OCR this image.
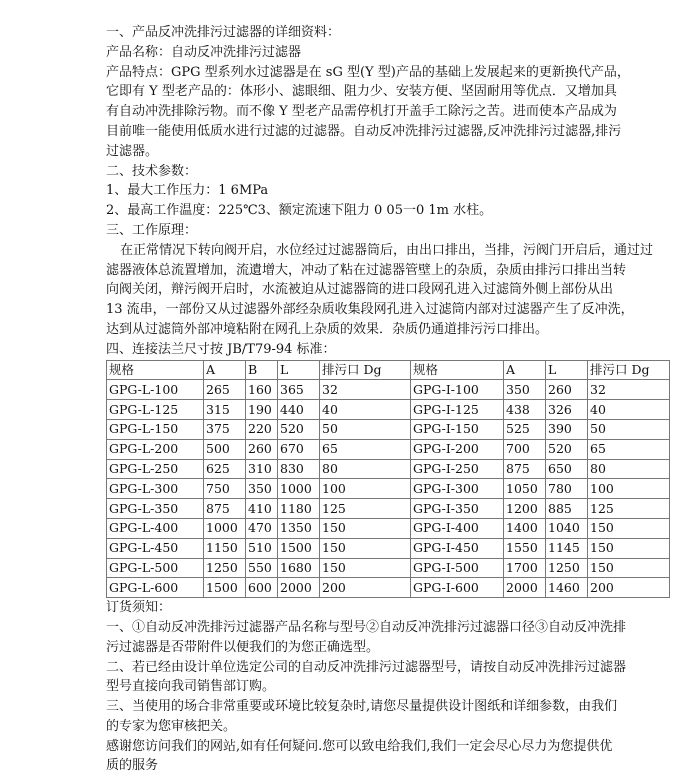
一、产品反冲洗排污过滤器的详细资料：
产品名称：自动反冲洗排污过滤器
产品特点：GPG 型系列水过滤器是在 sG 型(Y 型)产品的基础上发展起来的更新换代产品，
它即有 Y 型老产品的：体形小、滤眼细、阻力少、安装方便、坚固耐用等优点．又增加具
有自动冲洗排除污物。而不像 Y 型老产品需停机打开盖手工除污之苦。进而使本产品成为
目前唯一能使用低质水进行过滤的过滤器。自动反冲洗排污过滤器,反冲洗排污过滤器,排污
过滤器。
二、技术参数：
1、最大工作压力：1 6MPa
2、最高工作温度：225℃3、额定流速下阻力 0 05一0 1m 水柱。
三、工作原理：
在正常情况下转向阀开启，水位经过过滤器筒后，由出口排出，当排，污阀门开启后，通过过
滤器液体总流置增加，流遺增大，冲动了粘在过滤器管壁上的杂质，杂质由排污口排出当转
向阀关闭，辩污阀开启时，水流被迫从过滤器筒的进口段网孔进入过滤筒外侧上部份从出
13 流串，一部份又从过滤器外部经杂质收集段网孔进入过滤筒内部对过滤器产生了反冲洗，
达到从过滤筒外部冲境粘附在网孔上杂质的效果．杂质仍通道排污污口排出。
四、连接法兰尺寸按 JB/T79-94 标准：
规格	A	B	L	排污口 Dg	规格	A	L	排污口 Dg
GPG-L-100	265	160	365	32	GPG-I-100	350	260	32
GPG-L-125	315	190	440	40	GPG-I-125	438	326	40
GPG-L-150	375	220	520	50	GPG-I-150	525	390	50
GPG-L-200	500	260	670	65	GPG-I-200	700	520	65
GPG-L-250	625	310	830	80	GPG-I-250	875	650	80
GPG-L-300	750	350	1000	100	GPG-I-300	1050	780	100
GPG-L-350	875	410	1180	125	GPG-I-350	1200	885	125
GPG-L-400	1000	470	1350	150	GPG-I-400	1400	1040	150
GPG-L-450	1150	510	1500	150	GPG-I-450	1550	1145	150
GPG-L-500	1250	550	1680	150	GPG-I-500	1700	1250	150
GPG-L-600	1500	600	2000	200	GPG-I-600	2000	1460	200
订货须知：
一、①自动反冲洗排污过滤器产品名称与型号②自动反冲洗排污过滤器口径③自动反冲洗排
污过滤器是否带附件以便我们的为您正确选型。
二、若已经由设计单位选定公司的自动反冲洗排污过滤器型号，请按自动反冲洗排污过滤器
型号直接向我司销售部订购。
三、当使用的场合非常重要或环境比较复杂时,请您尽量提供设计图纸和详细参数，由我们
的专家为您审核把关。
感谢您访问我们的网站,如有任何疑问.您可以致电给我们,我们一定会尽心尽力为您提供优
质的服务
